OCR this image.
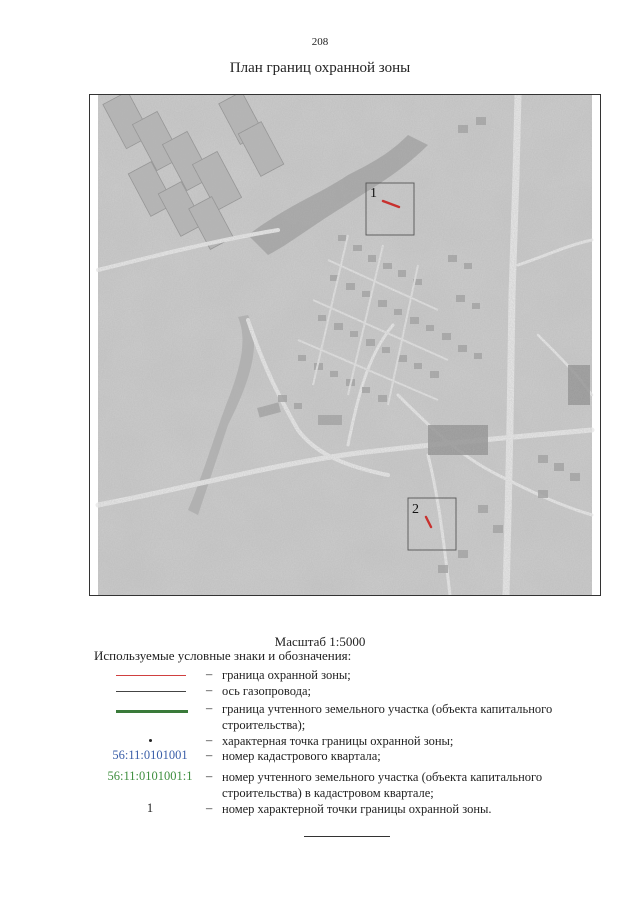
208
План границ охранной зоны
1
2
Масштаб 1:5000
Используемые условные знаки и обозначения:
– граница охранной зоны;
– ось газопровода;
– граница учтенного земельного участка (объекта капитального строительства);
– характерная точка границы охранной зоны;
56:11:0101001	– номер кадастрового квартала;
56:11:0101001:1	– номер учтенного земельного участка (объекта капитального строительства) в кадастровом квартале;
1	– номер характерной точки границы охранной зоны.
